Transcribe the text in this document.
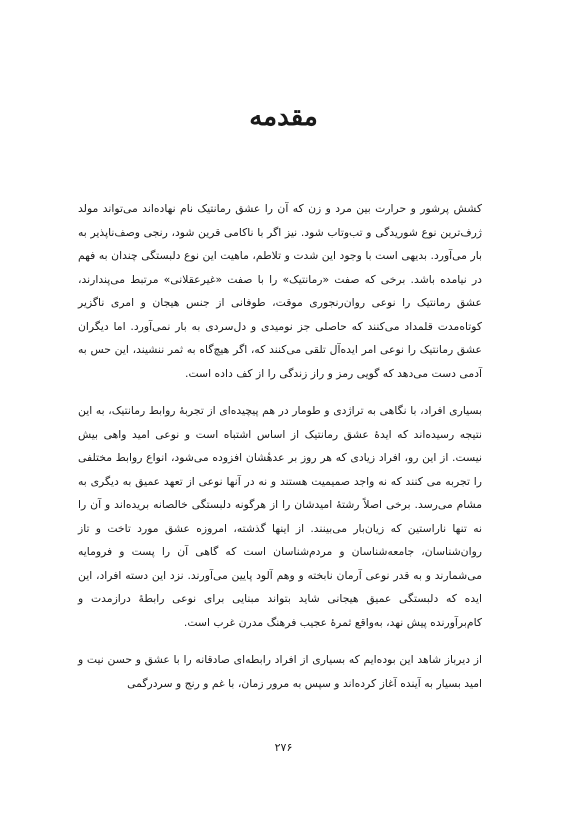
مقدمه

کشش پرشور و حرارت بین مرد و زن که آن را عشق رمانتیک نام نهاده‌اند می‌تواند مولد ژرف‌ترین نوع شوریدگی و تب‌وتاب شود. نیز اگر با ناکامی قرین شود، رنجی وصف‌ناپذیر به بار می‌آورد. بدیهی است با وجود این شدت و تلاطم، ماهیت این نوع دلبستگی چندان به فهم در نیامده باشد. برخی که صفت «رمانتیک» را با صفت «غیرعقلانی» مرتبط می‌پندارند، عشق رمانتیک را نوعی روان‌رنجوری موقت، طوفانی از جنس هیجان و امری ناگزیر کوتاه‌مدت قلمداد می‌کنند که حاصلی جز نومیدی و دل‌سردی به بار نمی‌آورد. اما دیگران عشق رمانتیک را نوعی امر ایده‌آل تلقی می‌کنند که، اگر هیچ‌گاه به ثمر ننشیند، این حس به آدمی دست می‌دهد که گویی رمز و راز زندگی را از کف داده است.

بسیاری افراد، با نگاهی به تراژدی و طومار در هم پیچیده‌ای از تجربهٔ روابط رمانتیک، به این نتیجه رسیده‌اند که ایدهٔ عشق رمانتیک از اساس اشتباه است و نوعی امید واهی بیش نیست. از این رو، افراد زیادی که هر روز بر عدهٔشان افزوده می‌شود، انواع روابط مختلفی را تجربه می‌ کنند که نه واجد صمیمیت هستند و نه در آنها نوعی از تعهد عمیق به دیگری به مشام می‌رسد. برخی اصلاً رشتهٔ امیدشان را از هرگونه دلبستگی خالصانه بریده‌اند و آن را نه تنها ناراستین که زیان‌بار می‌بینند. از اینها گذشته، امروزه عشق مورد تاخت و تاز روان‌شناسان، جامعه‌شناسان و مردم‌شناسان است که گاهی آن را پست و فرومایه می‌شمارند و به قدر نوعی آرمان نابخته و وهم آلود پایین می‌آورند. نزد این دسته افراد، این ایده که دلبستگی عمیق هیجانی شاید بتواند مبنایی برای نوعی رابطهٔ درازمدت و کام‌برآورنده پیش نهد، به‌واقع ثمرهٔ عجیب فرهنگ مدرن غرب است.

از دیرباز شاهد این بوده‌ایم که بسیاری از افراد رابطه‌ای صادقانه را با عشق و حسن نیت و امید بسیار به آینده آغاز کرده‌اند و سپس به مرور زمان، با غم و رنج و سردرگمی

۲۷۶
